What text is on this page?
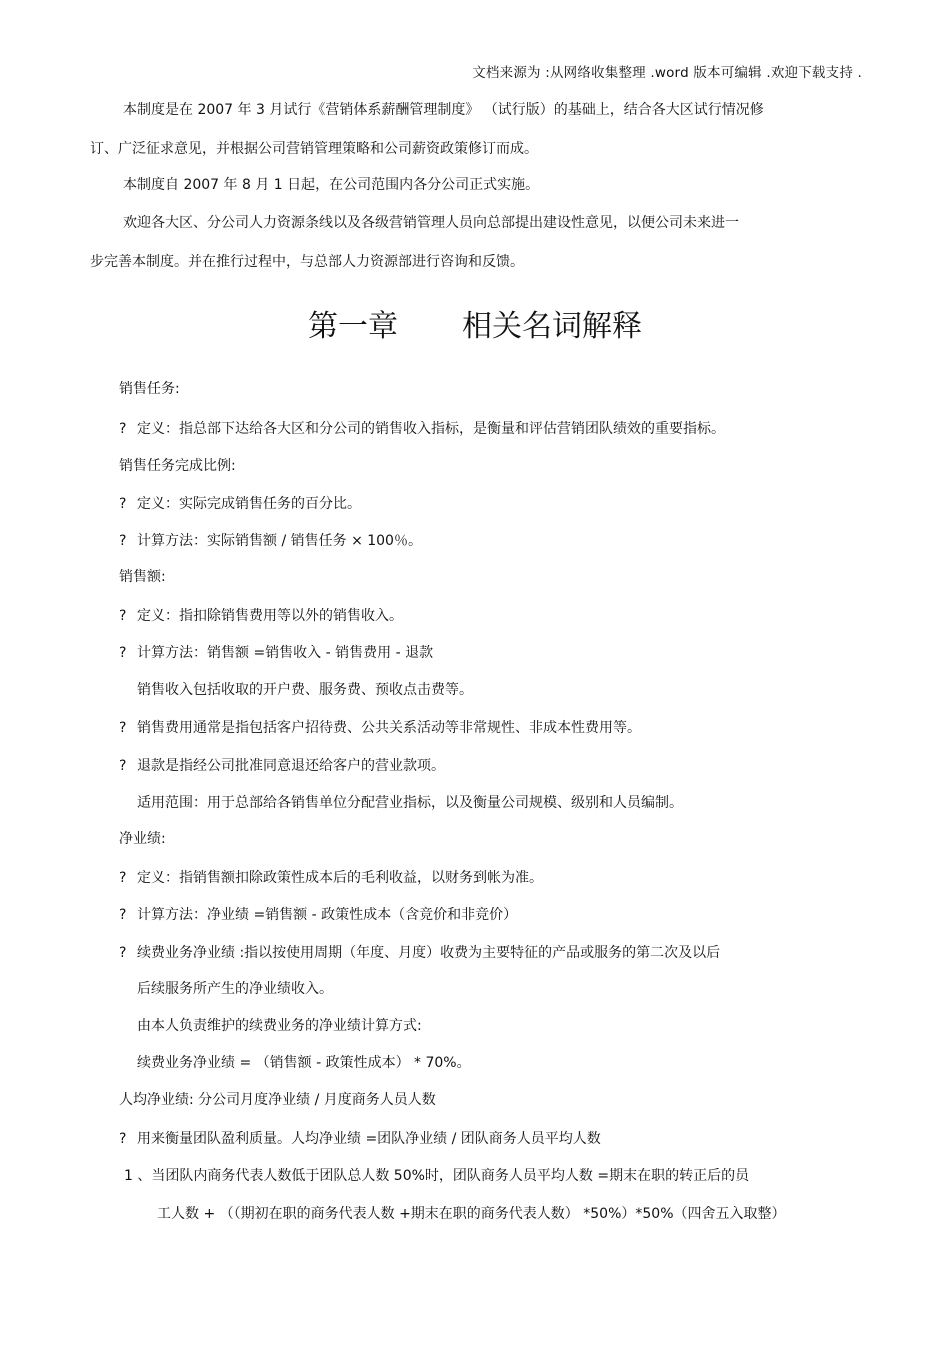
文档来源为 :从网络收集整理 .word 版本可编辑 .欢迎下载支持 .
本制度是在 2007 年 3 月试行《营销体系薪酬管理制度》 （试行版）的基础上，结合各大区试行情况修
订、广泛征求意见，并根据公司营销管理策略和公司薪资政策修订而成。
本制度自 2007 年 8 月 1 日起，在公司范围内各分公司正式实施。
欢迎各大区、分公司人力资源条线以及各级营销管理人员向总部提出建设性意见，以便公司未来进一
步完善本制度。并在推行过程中，与总部人力资源部进行咨询和反馈。
第一章 相关名词解释
销售任务:
? 定义：指总部下达给各大区和分公司的销售收入指标，是衡量和评估营销团队绩效的重要指标。
销售任务完成比例:
? 定义：实际完成销售任务的百分比。
? 计算方法：实际销售额 / 销售任务 × 100％。
销售额:
? 定义：指扣除销售费用等以外的销售收入。
? 计算方法：销售额 =销售收入 - 销售费用 - 退款
销售收入包括收取的开户费、服务费、预收点击费等。
? 销售费用通常是指包括客户招待费、公共关系活动等非常规性、非成本性费用等。
? 退款是指经公司批准同意退还给客户的营业款项。
适用范围：用于总部给各销售单位分配营业指标，以及衡量公司规模、级别和人员编制。
净业绩:
? 定义：指销售额扣除政策性成本后的毛利收益，以财务到帐为准。
? 计算方法：净业绩 =销售额 - 政策性成本（含竞价和非竞价）
? 续费业务净业绩 :指以按使用周期（年度、月度）收费为主要特征的产品或服务的第二次及以后
后续服务所产生的净业绩收入。
由本人负责维护的续费业务的净业绩计算方式:
续费业务净业绩 = （销售额 - 政策性成本） * 70%。
人均净业绩: 分公司月度净业绩 / 月度商务人员人数
? 用来衡量团队盈利质量。人均净业绩 =团队净业绩 / 团队商务人员平均人数
1 、当团队内商务代表人数低于团队总人数 50%时，团队商务人员平均人数 =期末在职的转正后的员
工人数 + （（期初在职的商务代表人数 +期末在职的商务代表人数） *50%）*50%（四舍五入取整）
